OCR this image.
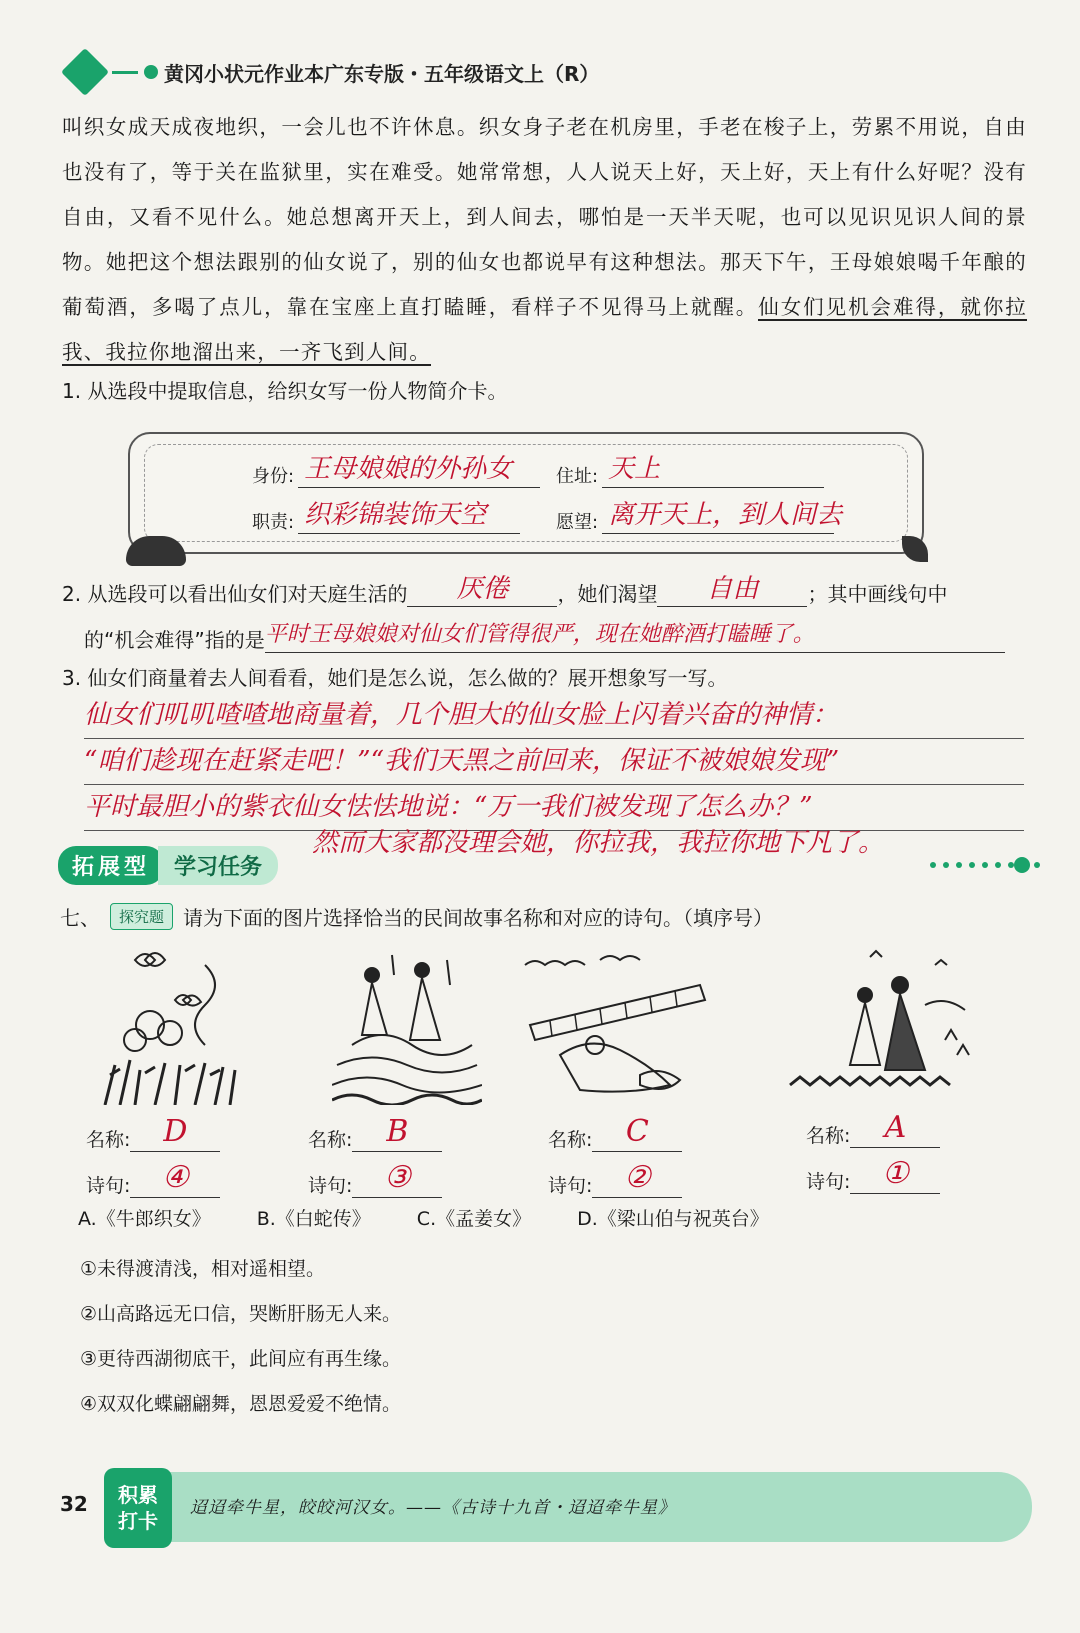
黄冈小状元作业本广东专版・五年级语文上（R）
叫织女成天成夜地织，一会儿也不许休息。织女身子老在机房里，手老在梭子上，劳累不用说，自由也没有了，等于关在监狱里，实在难受。她常常想，人人说天上好，天上好，天上有什么好呢？没有自由，又看不见什么。她总想离开天上，到人间去，哪怕是一天半天呢，也可以见识见识人间的景物。她把这个想法跟别的仙女说了，别的仙女也都说早有这种想法。那天下午，王母娘娘喝千年酿的葡萄酒，多喝了点儿，靠在宝座上直打瞌睡，看样子不见得马上就醒。仙女们见机会难得，就你拉我、我拉你地溜出来，一齐飞到人间。
1. 从选段中提取信息，给织女写一份人物简介卡。
身份: 王母娘娘的外孙女	住址: 天上
职责: 织彩锦装饰天空	愿望: 离开天上，到人间去
2. 从选段可以看出仙女们对天庭生活的 厌倦 ，她们渴望 自由 ；其中画线句中
的“机会难得”指的是平时王母娘娘对仙女们管得很严，现在她醉酒打瞌睡了。
3. 仙女们商量着去人间看看，她们是怎么说，怎么做的？展开想象写一写。
仙女们叽叽喳喳地商量着，几个胆大的仙女脸上闪着兴奋的神情：
“咱们趁现在赶紧走吧！”“我们天黑之前回来，保证不被娘娘发现”
平时最胆小的紫衣仙女怯怯地说：“万一我们被发现了怎么办？”
然而大家都没理会她，你拉我，我拉你地下凡了。
拓展型	学习任务
七、	探究题 请为下面的图片选择恰当的民间故事名称和对应的诗句。（填序号）
名称:	D
诗句:	④
名称:	B
诗句:	③
名称:	C
诗句:	②
名称:	A
诗句:	①
A.《牛郎织女》 B.《白蛇传》 C.《孟姜女》 D.《梁山伯与祝英台》
①未得渡清浅，相对遥相望。
②山高路远无口信，哭断肝肠无人来。
③更待西湖彻底干，此间应有再生缘。
④双双化蝶翩翩舞，恩恩爱爱不绝情。
32 积累
打卡
迢迢牵牛星，皎皎河汉女。——《古诗十九首・迢迢牵牛星》
